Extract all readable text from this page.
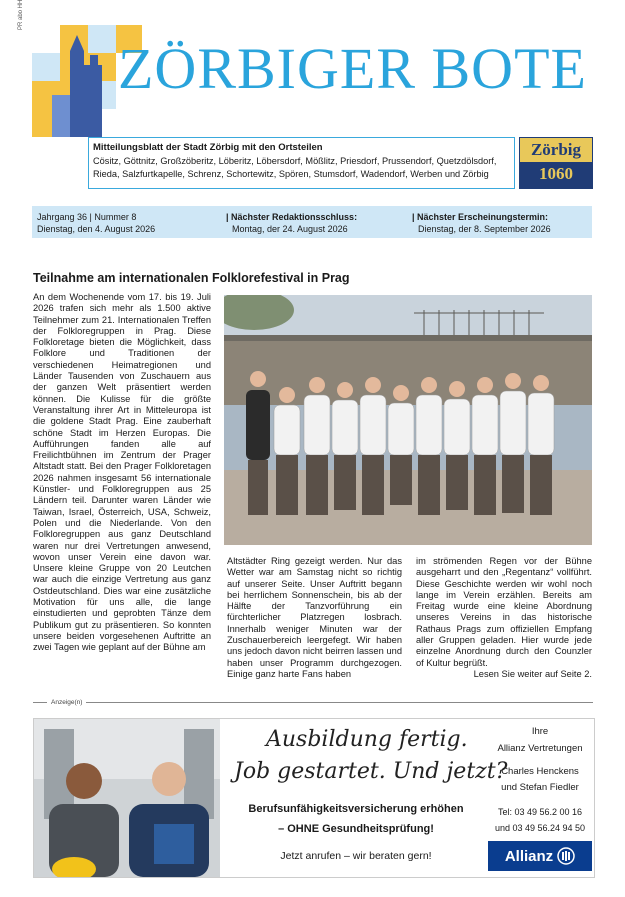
PR abo HH
ZÖRBIGER BOTE
Mitteilungsblatt der Stadt Zörbig mit den Ortsteilen
Cösitz, Göttnitz, Großzöberitz, Löberitz, Löbersdorf, Mößlitz, Priesdorf, Prussendorf, Quetzdölsdorf,
Rieda, Salzfurtkapelle, Schrenz, Schortewitz, Spören, Stumsdorf, Wadendorf, Werben und Zörbig
Zörbig
1060
Jahrgang 36 | Nummer 8
Dienstag, den 4. August 2026
| Nächster Redaktionsschluss:
Montag, der 24. August 2026
| Nächster Erscheinungstermin:
Dienstag, der 8. September 2026
Teilnahme am internationalen Folklorefestival in Prag
An dem Wochenende vom 17. bis 19. Juli 2026 trafen sich mehr als 1.500 aktive Teilnehmer zum 21. Internationalen Treffen der Folkloregruppen in Prag. Diese Folkloretage bieten die Möglichkeit, dass Folklore und Traditionen der verschiedenen Heimatregionen und Länder Tausenden von Zuschauern aus der ganzen Welt präsentiert werden können. Die Kulisse für die größte Veranstaltung ihrer Art in Mitteleuropa ist die goldene Stadt Prag. Eine zauberhaft schöne Stadt im Herzen Europas. Die Aufführungen fanden alle auf Freilichtbühnen im Zentrum der Prager Altstadt statt. Bei den Prager Folkloretagen 2026 nahmen insgesamt 56 internationale Künstler- und Folkloregruppen aus 25 Ländern teil. Darunter waren Länder wie Taiwan, Israel, Österreich, USA, Schweiz, Polen und die Niederlande. Von den Folkloregruppen aus ganz Deutschland waren nur drei Vertretungen anwesend, wovon unser Verein eine davon war. Unsere kleine Gruppe von 20 Leutchen war auch die einzige Vertretung aus ganz Ostdeutschland. Dies war eine zusätzliche Motivation für uns alle, die lange einstudierten und geprobten Tänze dem Publikum gut zu präsentieren. So konnten unsere beiden vorgesehenen Auftritte an zwei Tagen wie geplant auf der Bühne am
Altstädter Ring gezeigt werden. Nur das Wetter war am Samstag nicht so richtig auf unserer Seite. Unser Auftritt begann bei herrlichem Sonnenschein, bis ab der Hälfte der Tanzvorführung ein fürchterlicher Platzregen losbrach. Innerhalb weniger Minuten war der Zuschauerbereich leergefegt. Wir haben uns jedoch davon nicht beirren lassen und haben unser Programm durchgezogen. Einige ganz harte Fans haben
im strömenden Regen vor der Bühne ausgeharrt und den „Regentanz“ vollführt. Diese Geschichte werden wir wohl noch lange im Verein erzählen. Bereits am Freitag wurde eine kleine Abordnung unseres Vereins in das historische Rathaus Prags zum offiziellen Empfang aller Gruppen geladen. Hier wurde jede einzelne Anordnung durch den Counzler of Kultur begrüßt.
Lesen Sie weiter auf Seite 2.
Anzeige(n)
Ausbildung fertig.
Job gestartet. Und jetzt?
Berufsunfähigkeitsversicherung erhöhen
– OHNE Gesundheitsprüfung!
Jetzt anrufen – wir beraten gern!
Ihre
Allianz Vertretungen
Charles Henckens
und Stefan Fiedler
Tel: 03 49 56.2 00 16
und 03 49 56.24 94 50
Allianz
